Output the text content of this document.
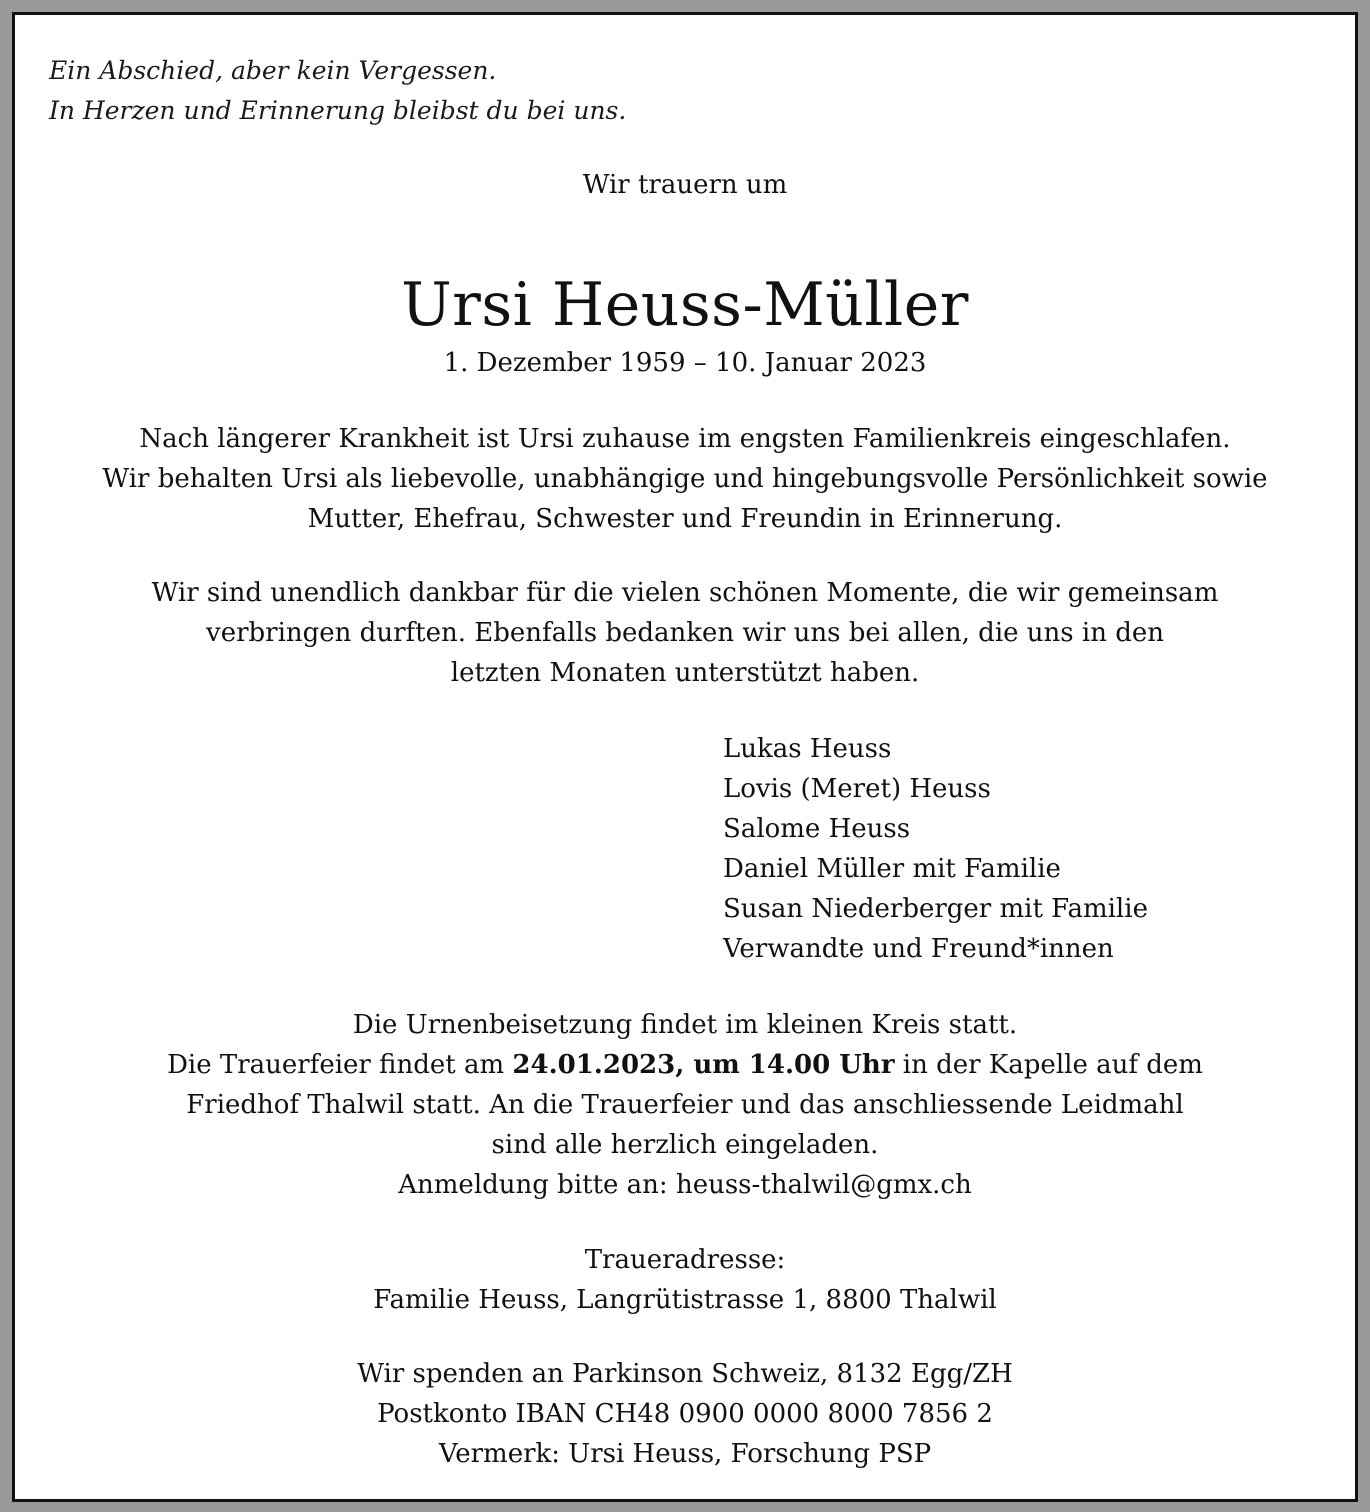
Ein Abschied, aber kein Vergessen.
In Herzen und Erinnerung bleibst du bei uns.
Wir trauern um
Ursi Heuss-Müller
1. Dezember 1959 – 10. Januar 2023
Nach längerer Krankheit ist Ursi zuhause im engsten Familienkreis eingeschlafen.
Wir behalten Ursi als liebevolle, unabhängige und hingebungsvolle Persönlichkeit sowie
Mutter, Ehefrau, Schwester und Freundin in Erinnerung.
Wir sind unendlich dankbar für die vielen schönen Momente, die wir gemeinsam
verbringen durften. Ebenfalls bedanken wir uns bei allen, die uns in den
letzten Monaten unterstützt haben.
Lukas Heuss
Lovis (Meret) Heuss
Salome Heuss
Daniel Müller mit Familie
Susan Niederberger mit Familie
Verwandte und Freund*innen
Die Urnenbeisetzung findet im kleinen Kreis statt.
Die Trauerfeier findet am 24.01.2023, um 14.00 Uhr in der Kapelle auf dem
Friedhof Thalwil statt. An die Trauerfeier und das anschliessende Leidmahl
sind alle herzlich eingeladen.
Anmeldung bitte an: heuss-thalwil@gmx.ch
Traueradresse:
Familie Heuss, Langrütistrasse 1, 8800 Thalwil
Wir spenden an Parkinson Schweiz, 8132 Egg/ZH
Postkonto IBAN CH48 0900 0000 8000 7856 2
Vermerk: Ursi Heuss, Forschung PSP
